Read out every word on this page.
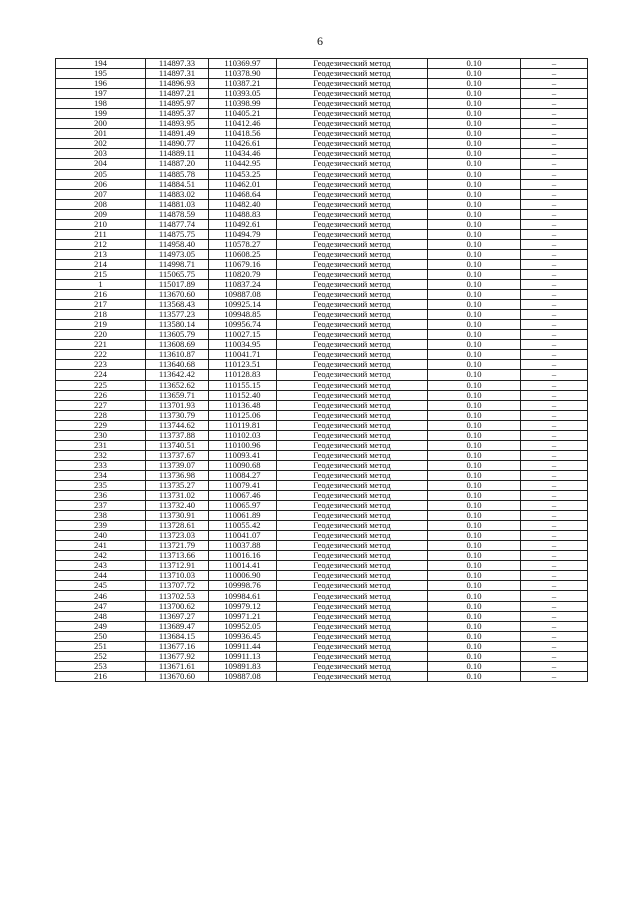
6
194	114897.33	110369.97	Геодезический метод	0.10	–
195	114897.31	110378.90	Геодезический метод	0.10	–
196	114896.93	110387.21	Геодезический метод	0.10	–
197	114897.21	110393.05	Геодезический метод	0.10	–
198	114895.97	110398.99	Геодезический метод	0.10	–
199	114895.37	110405.21	Геодезический метод	0.10	–
200	114893.95	110412.46	Геодезический метод	0.10	–
201	114891.49	110418.56	Геодезический метод	0.10	–
202	114890.77	110426.61	Геодезический метод	0.10	–
203	114889.11	110434.46	Геодезический метод	0.10	–
204	114887.20	110442.95	Геодезический метод	0.10	–
205	114885.78	110453.25	Геодезический метод	0.10	–
206	114884.51	110462.01	Геодезический метод	0.10	–
207	114883.02	110468.64	Геодезический метод	0.10	–
208	114881.03	110482.40	Геодезический метод	0.10	–
209	114878.59	110488.83	Геодезический метод	0.10	–
210	114877.74	110492.61	Геодезический метод	0.10	–
211	114875.75	110494.79	Геодезический метод	0.10	–
212	114958.40	110578.27	Геодезический метод	0.10	–
213	114973.05	110608.25	Геодезический метод	0.10	–
214	114998.71	110679.16	Геодезический метод	0.10	–
215	115065.75	110820.79	Геодезический метод	0.10	–
1	115017.89	110837.24	Геодезический метод	0.10	–
216	113670.60	109887.08	Геодезический метод	0.10	–
217	113568.43	109925.14	Геодезический метод	0.10	–
218	113577.23	109948.85	Геодезический метод	0.10	–
219	113580.14	109956.74	Геодезический метод	0.10	–
220	113605.79	110027.15	Геодезический метод	0.10	–
221	113608.69	110034.95	Геодезический метод	0.10	–
222	113610.87	110041.71	Геодезический метод	0.10	–
223	113640.68	110123.51	Геодезический метод	0.10	–
224	113642.42	110128.83	Геодезический метод	0.10	–
225	113652.62	110155.15	Геодезический метод	0.10	–
226	113659.71	110152.40	Геодезический метод	0.10	–
227	113701.93	110136.48	Геодезический метод	0.10	–
228	113730.79	110125.06	Геодезический метод	0.10	–
229	113744.62	110119.81	Геодезический метод	0.10	–
230	113737.88	110102.03	Геодезический метод	0.10	–
231	113740.51	110100.96	Геодезический метод	0.10	–
232	113737.67	110093.41	Геодезический метод	0.10	–
233	113739.07	110090.68	Геодезический метод	0.10	–
234	113736.98	110084.27	Геодезический метод	0.10	–
235	113735.27	110079.41	Геодезический метод	0.10	–
236	113731.02	110067.46	Геодезический метод	0.10	–
237	113732.40	110065.97	Геодезический метод	0.10	–
238	113730.91	110061.89	Геодезический метод	0.10	–
239	113728.61	110055.42	Геодезический метод	0.10	–
240	113723.03	110041.07	Геодезический метод	0.10	–
241	113721.79	110037.88	Геодезический метод	0.10	–
242	113713.66	110016.16	Геодезический метод	0.10	–
243	113712.91	110014.41	Геодезический метод	0.10	–
244	113710.03	110006.90	Геодезический метод	0.10	–
245	113707.72	109998.76	Геодезический метод	0.10	–
246	113702.53	109984.61	Геодезический метод	0.10	–
247	113700.62	109979.12	Геодезический метод	0.10	–
248	113697.27	109971.21	Геодезический метод	0.10	–
249	113689.47	109952.05	Геодезический метод	0.10	–
250	113684.15	109936.45	Геодезический метод	0.10	–
251	113677.16	109911.44	Геодезический метод	0.10	–
252	113677.92	109911.13	Геодезический метод	0.10	–
253	113671.61	109891.83	Геодезический метод	0.10	–
216	113670.60	109887.08	Геодезический метод	0.10	–
